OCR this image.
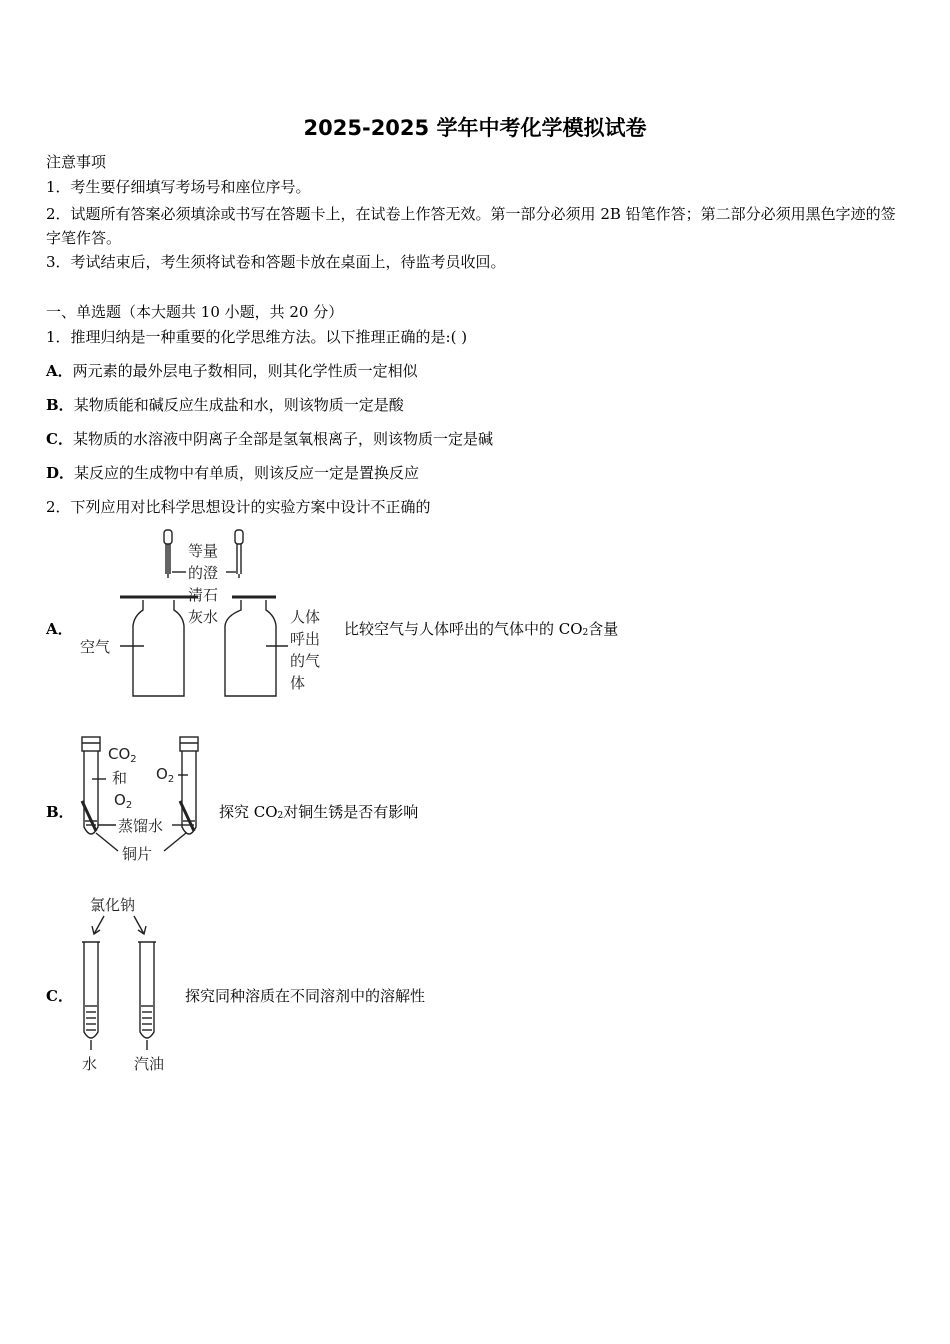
2025-2025 学年中考化学模拟试卷
注意事项
1．考生要仔细填写考场号和座位序号。
2．试题所有答案必须填涂或书写在答题卡上，在试卷上作答无效。第一部分必须用 2B 铅笔作答；第二部分必须用黑色字迹的签字笔作答。
3．考试结束后，考生须将试卷和答题卡放在桌面上，待监考员收回。
一、单选题（本大题共 10 小题，共 20 分）
1．推理归纳是一种重要的化学思维方法。以下推理正确的是:( )
A．两元素的最外层电子数相同，则其化学性质一定相似
B．某物质能和碱反应生成盐和水，则该物质一定是酸
C．某物质的水溶液中阴离子全部是氢氧根离子，则该物质一定是碱
D．某反应的生成物中有单质，则该反应一定是置换反应
2．下列应用对比科学思想设计的实验方案中设计不正确的
A．
等量
的澄
清石
灰水
空气
人体
呼出
的气
体
比较空气与人体呼出的气体中的 CO2含量
B．
$CO_2$
和
$O_2$
$O_2$
蒸馏水
铜片
探究 CO2对铜生锈是否有影响
C．
氯化钠
水 汽油
探究同种溶质在不同溶剂中的溶解性
